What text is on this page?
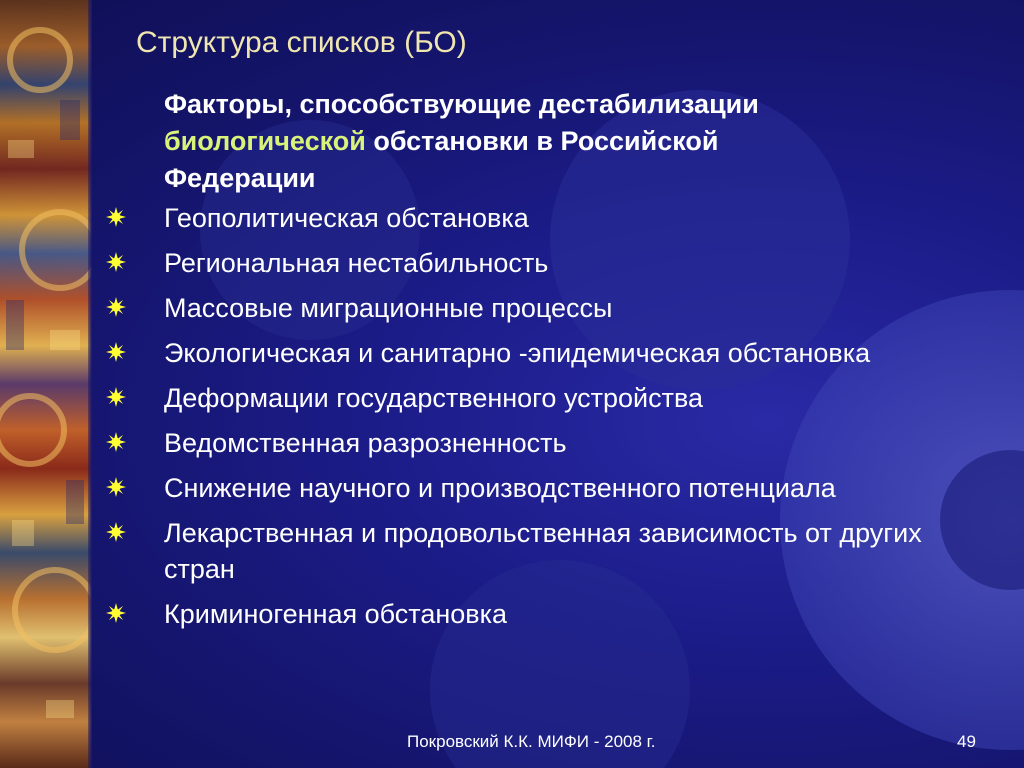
Структура списков (БО)
Факторы, способствующие дестабилизации
биологической обстановки в Российской
Федерации
Геополитическая обстановка
Региональная нестабильность
Массовые миграционные процессы
Экологическая и санитарно -эпидемическая обстановка
Деформации государственного устройства
Ведомственная разрозненность
Снижение научного и производственного потенциала
Лекарственная и продовольственная зависимость от других стран
Криминогенная обстановка
Покровский К.К. МИФИ - 2008 г.	49
